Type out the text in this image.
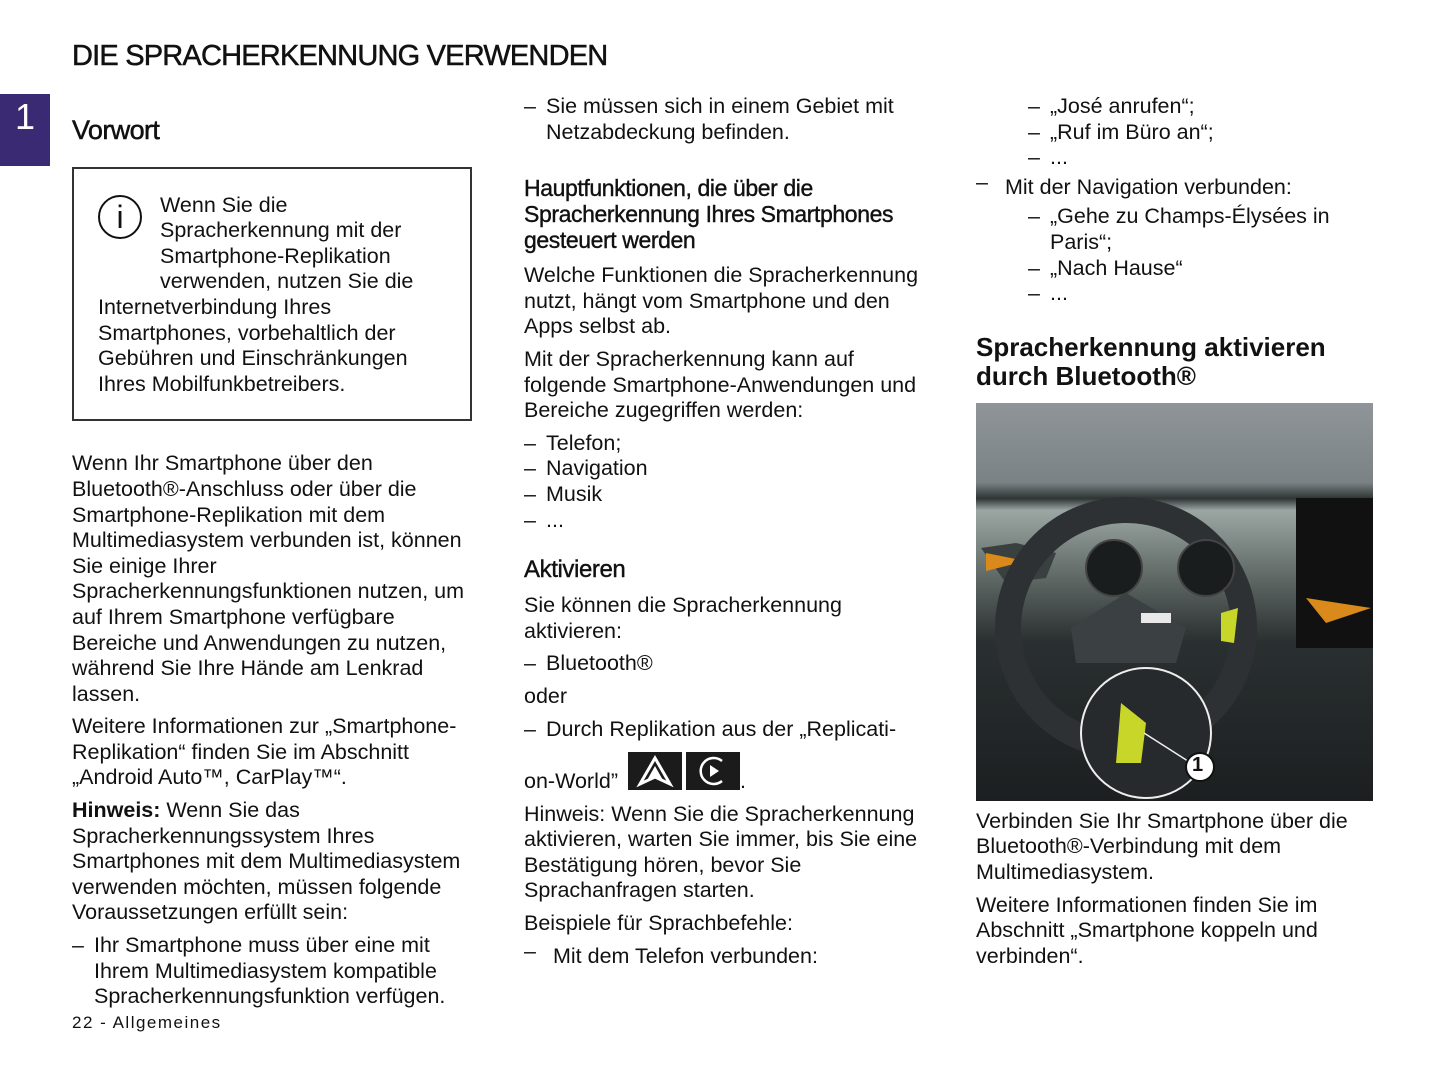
DIE SPRACHERKENNUNG VERWENDEN
1	Vorwort
i	Wenn Sie die Spracherkennung mit der Smartphone-Replikation verwenden, nutzen Sie die Internetverbindung Ihres Smartphones, vorbehaltlich der Gebühren und Einschränkungen Ihres Mobilfunkbetreibers.

Wenn Ihr Smartphone über den Bluetooth®-Anschluss oder über die Smartphone-Replikation mit dem Multimediasystem verbunden ist, können Sie einige Ihrer Spracherkennungsfunktionen nutzen, um auf Ihrem Smartphone verfügbare Bereiche und Anwendungen zu nutzen, während Sie Ihre Hände am Lenkrad lassen.

Weitere Informationen zur „Smartphone-Replikation“ finden Sie im Abschnitt „Android Auto™, CarPlay™“.

Hinweis: Wenn Sie das Spracherkennungssystem Ihres Smartphones mit dem Multimediasystem verwenden möchten, müssen folgende Voraussetzungen erfüllt sein:

– Ihr Smartphone muss über eine mit Ihrem Multimediasystem kompatible Spracherkennungsfunktion verfügen.
– Sie müssen sich in einem Gebiet mit Netzabdeckung befinden.
Hauptfunktionen, die über die Spracherkennung Ihres Smartphones gesteuert werden

Welche Funktionen die Spracherkennung nutzt, hängt vom Smartphone und den Apps selbst ab.

Mit der Spracherkennung kann auf folgende Smartphone-Anwendungen und Bereiche zugegriffen werden:

– Telefon;
– Navigation
– Musik
– ...
Aktivieren

Sie können die Spracherkennung aktivieren:

– Bluetooth®

oder

– Durch Replikation aus der „Replicati-

on-World”	.

Hinweis: Wenn Sie die Spracherkennung aktivieren, warten Sie immer, bis Sie eine Bestätigung hören, bevor Sie Sprachanfragen starten.

Beispiele für Sprachbefehle:

– Mit dem Telefon verbunden:
– „José anrufen“;
– „Ruf im Büro an“;
– ...
– Mit der Navigation verbunden:
– „Gehe zu Champs-Élysées in Paris“;
– „Nach Hause“
– ...
Spracherkennung aktivieren durch Bluetooth®
1

Verbinden Sie Ihr Smartphone über die Bluetooth®-Verbindung mit dem Multimediasystem.

Weitere Informationen finden Sie im Abschnitt „Smartphone koppeln und verbinden“.

22 - Allgemeines
